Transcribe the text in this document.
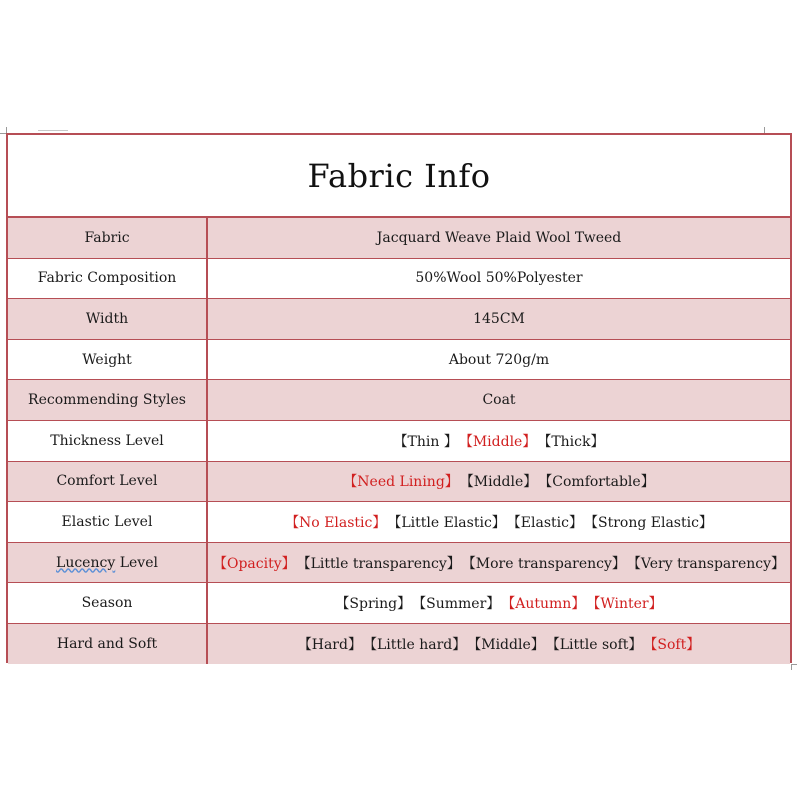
Fabric Info
Fabric	Jacquard Weave Plaid Wool Tweed
Fabric Composition	50%Wool 50%Polyester
Width	145CM
Weight	About 720g/m
Recommending Styles	Coat
Thickness Level	【Thin 】 【Middle】 【Thick】
Comfort Level	【Need Lining】 【Middle】 【Comfortable】
Elastic Level	【No Elastic】 【Little Elastic】 【Elastic】 【Strong Elastic】
Lucency Level	【Opacity】 【Little transparency】 【More transparency】 【Very transparency】
Season	【Spring】 【Summer】 【Autumn】 【Winter】
Hard and Soft	【Hard】 【Little hard】 【Middle】 【Little soft】 【Soft】
